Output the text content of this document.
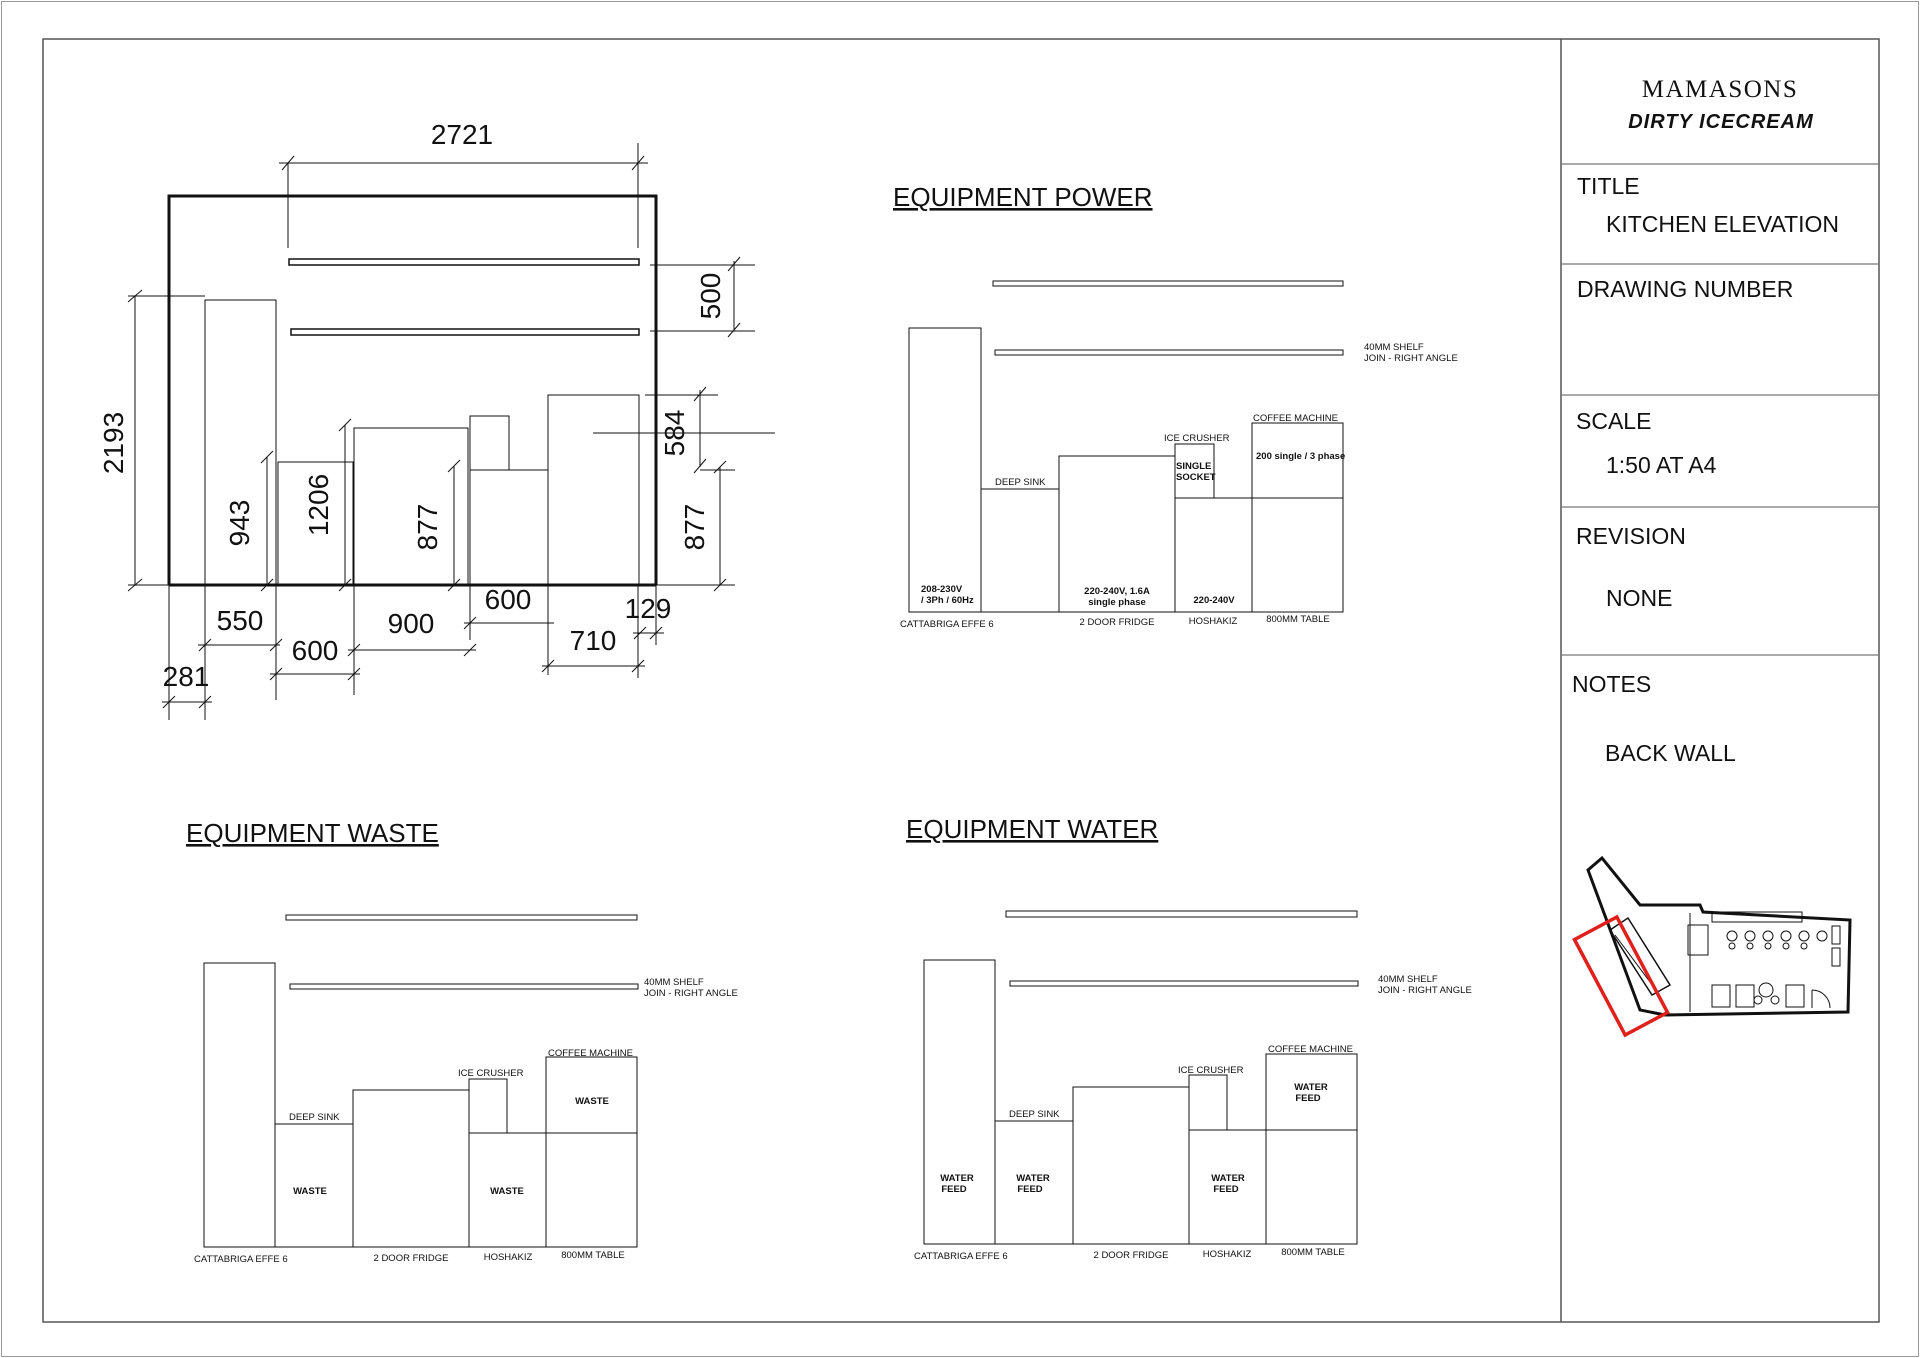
MAMASONS
DIRTY ICECREAM
TITLE
KITCHEN ELEVATION
DRAWING NUMBER
SCALE
1:50 AT A4
REVISION
NONE
NOTES
BACK WALL
2721
2193
500
943 1206	877
584
877
281
550
600
900
600
710
129
EQUIPMENT POWER
40MM SHELF
JOIN - RIGHT ANGLE
DEEP SINK
ICE CRUSHER
COFFEE MACHINE
SINGLE
SOCKET
200 single / 3 phase
208-230V
/ 3Ph / 60Hz
220-240V, 1.6A
single phase	220-240V
CATTABRIGA EFFE 6	2 DOOR FRIDGE	HOSHAKIZ	800MM TABLE
EQUIPMENT WASTE
40MM SHELF
JOIN - RIGHT ANGLE
DEEP SINK
ICE CRUSHER
COFFEE MACHINE
WASTE	WASTE
WASTE
CATTABRIGA EFFE 6	2 DOOR FRIDGE	HOSHAKIZ	800MM TABLE
EQUIPMENT WATER
40MM SHELF
JOIN - RIGHT ANGLE
DEEP SINK
ICE CRUSHER
COFFEE MACHINE
WATER
FEED
WATER
FEED
WATER
FEED
WATER
FEED
CATTABRIGA EFFE 6	2 DOOR FRIDGE	HOSHAKIZ	800MM TABLE
